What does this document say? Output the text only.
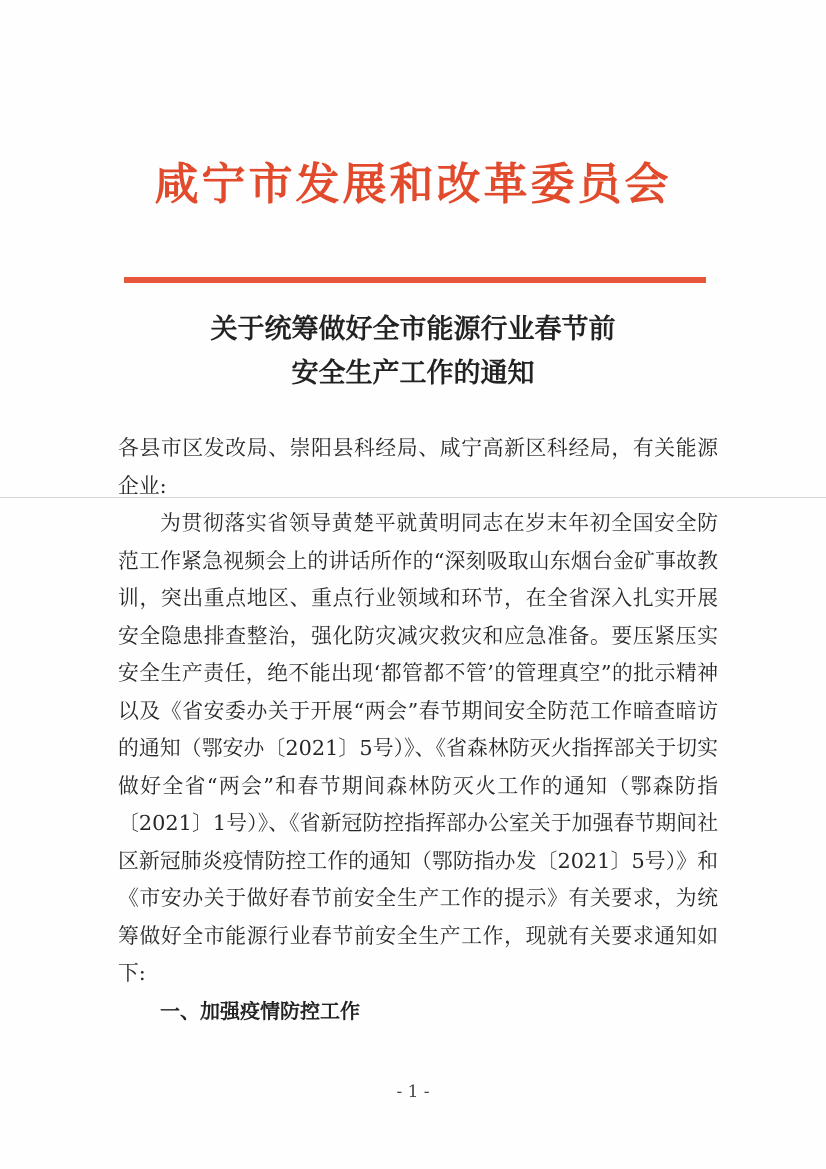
咸宁市发展和改革委员会
关于统筹做好全市能源行业春节前
安全生产工作的通知

各县市区发改局、崇阳县科经局、咸宁高新区科经局，有关能源企业:

为贯彻落实省领导黄楚平就黄明同志在岁末年初全国安全防范工作紧急视频会上的讲话所作的“深刻吸取山东烟台金矿事故教训，突出重点地区、重点行业领域和环节，在全省深入扎实开展安全隐患排查整治，强化防灾减灾救灾和应急准备。要压紧压实安全生产责任，绝不能出现‘都管都不管’的管理真空”的批示精神以及《省安委办关于开展“两会”春节期间安全防范工作暗查暗访的通知（鄂安办〔2021〕5号）》、《省森林防灭火指挥部关于切实做好全省“两会”和春节期间森林防灭火工作的通知（鄂森防指〔2021〕1号）》、《省新冠防控指挥部办公室关于加强春节期间社区新冠肺炎疫情防控工作的通知（鄂防指办发〔2021〕5号）》和《市安办关于做好春节前安全生产工作的提示》有关要求，为统筹做好全市能源行业春节前安全生产工作，现就有关要求通知如下:

一、加强疫情防控工作

- 1 -
